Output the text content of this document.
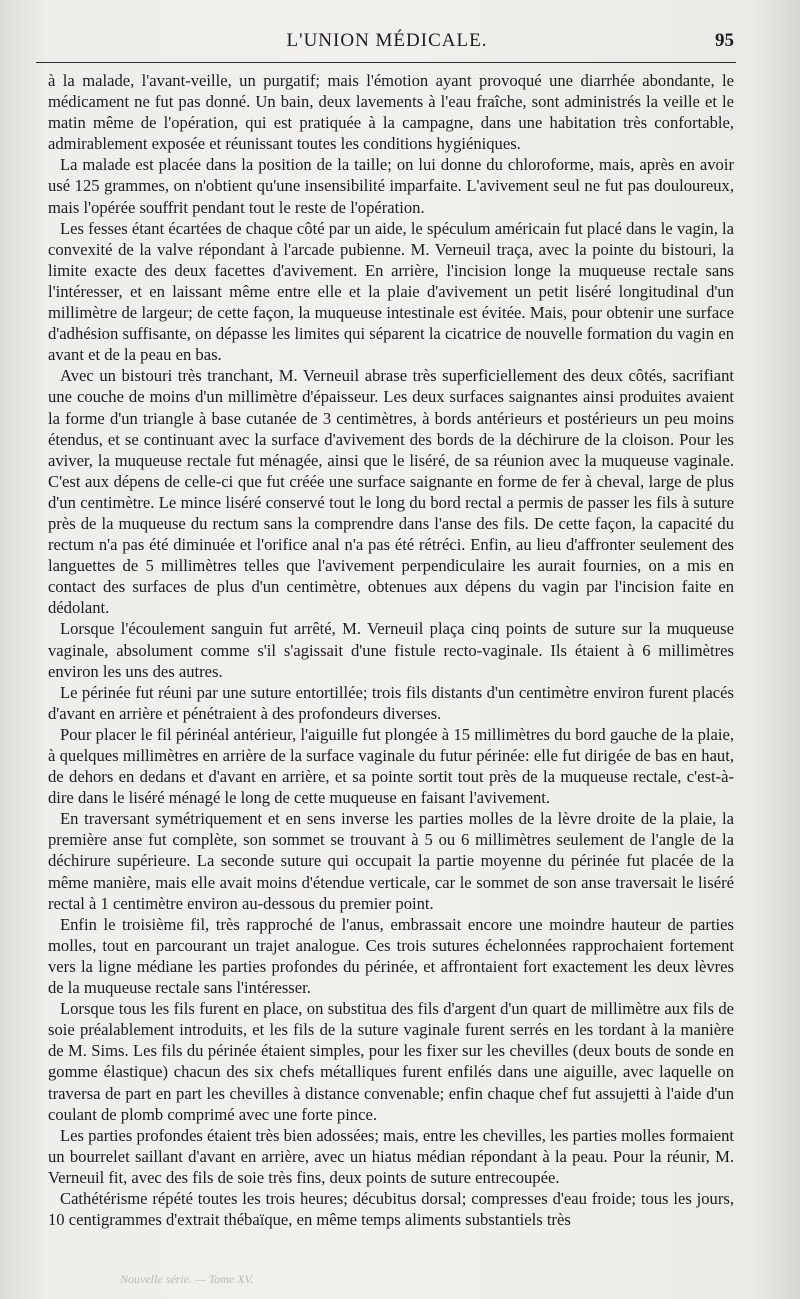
L'UNION MÉDICALE.	95

à la malade, l'avant-veille, un purgatif; mais l'émotion ayant provoqué une diarrhée abondante, le médicament ne fut pas donné. Un bain, deux lavements à l'eau fraîche, sont administrés la veille et le matin même de l'opération, qui est pratiquée à la campagne, dans une habitation très confortable, admirablement exposée et réunissant toutes les conditions hygiéniques.

La malade est placée dans la position de la taille; on lui donne du chloroforme, mais, après en avoir usé 125 grammes, on n'obtient qu'une insensibilité imparfaite. L'avivement seul ne fut pas douloureux, mais l'opérée souffrit pendant tout le reste de l'opération.

Les fesses étant écartées de chaque côté par un aide, le spéculum américain fut placé dans le vagin, la convexité de la valve répondant à l'arcade pubienne. M. Verneuil traça, avec la pointe du bistouri, la limite exacte des deux facettes d'avivement. En arrière, l'incision longe la muqueuse rectale sans l'intéresser, et en laissant même entre elle et la plaie d'avivement un petit liséré longitudinal d'un millimètre de largeur; de cette façon, la muqueuse intestinale est évitée. Mais, pour obtenir une surface d'adhésion suffisante, on dépasse les limites qui séparent la cicatrice de nouvelle formation du vagin en avant et de la peau en bas.

Avec un bistouri très tranchant, M. Verneuil abrase très superficiellement des deux côtés, sacrifiant une couche de moins d'un millimètre d'épaisseur. Les deux surfaces saignantes ainsi produites avaient la forme d'un triangle à base cutanée de 3 centimètres, à bords antérieurs et postérieurs un peu moins étendus, et se continuant avec la surface d'avivement des bords de la déchirure de la cloison. Pour les aviver, la muqueuse rectale fut ménagée, ainsi que le liséré, de sa réunion avec la muqueuse vaginale. C'est aux dépens de celle-ci que fut créée une surface saignante en forme de fer à cheval, large de plus d'un centimètre. Le mince liséré conservé tout le long du bord rectal a permis de passer les fils à suture près de la muqueuse du rectum sans la comprendre dans l'anse des fils. De cette façon, la capacité du rectum n'a pas été diminuée et l'orifice anal n'a pas été rétréci. Enfin, au lieu d'affronter seulement des languettes de 5 millimètres telles que l'avivement perpendiculaire les aurait fournies, on a mis en contact des surfaces de plus d'un centimètre, obtenues aux dépens du vagin par l'incision faite en dédolant.

Lorsque l'écoulement sanguin fut arrêté, M. Verneuil plaça cinq points de suture sur la muqueuse vaginale, absolument comme s'il s'agissait d'une fistule recto-vaginale. Ils étaient à 6 millimètres environ les uns des autres.

Le périnée fut réuni par une suture entortillée; trois fils distants d'un centimètre environ furent placés d'avant en arrière et pénétraient à des profondeurs diverses.

Pour placer le fil périnéal antérieur, l'aiguille fut plongée à 15 millimètres du bord gauche de la plaie, à quelques millimètres en arrière de la surface vaginale du futur périnée: elle fut dirigée de bas en haut, de dehors en dedans et d'avant en arrière, et sa pointe sortit tout près de la muqueuse rectale, c'est-à-dire dans le liséré ménagé le long de cette muqueuse en faisant l'avivement.

En traversant symétriquement et en sens inverse les parties molles de la lèvre droite de la plaie, la première anse fut complète, son sommet se trouvant à 5 ou 6 millimètres seulement de l'angle de la déchirure supérieure. La seconde suture qui occupait la partie moyenne du périnée fut placée de la même manière, mais elle avait moins d'étendue verticale, car le sommet de son anse traversait le liséré rectal à 1 centimètre environ au-dessous du premier point.

Enfin le troisième fil, très rapproché de l'anus, embrassait encore une moindre hauteur de parties molles, tout en parcourant un trajet analogue. Ces trois sutures échelonnées rapprochaient fortement vers la ligne médiane les parties profondes du périnée, et affrontaient fort exactement les deux lèvres de la muqueuse rectale sans l'intéresser.

Lorsque tous les fils furent en place, on substitua des fils d'argent d'un quart de millimètre aux fils de soie préalablement introduits, et les fils de la suture vaginale furent serrés en les tordant à la manière de M. Sims. Les fils du périnée étaient simples, pour les fixer sur les chevilles (deux bouts de sonde en gomme élastique) chacun des six chefs métalliques furent enfilés dans une aiguille, avec laquelle on traversa de part en part les chevilles à distance convenable; enfin chaque chef fut assujetti à l'aide d'un coulant de plomb comprimé avec une forte pince.

Les parties profondes étaient très bien adossées; mais, entre les chevilles, les parties molles formaient un bourrelet saillant d'avant en arrière, avec un hiatus médian répondant à la peau. Pour la réunir, M. Verneuil fit, avec des fils de soie très fins, deux points de suture entrecoupée.

Cathétérisme répété toutes les trois heures; décubitus dorsal; compresses d'eau froide; tous les jours, 10 centigrammes d'extrait thébaïque, en même temps aliments substantiels très

Nouvelle série. — Tome XV.
